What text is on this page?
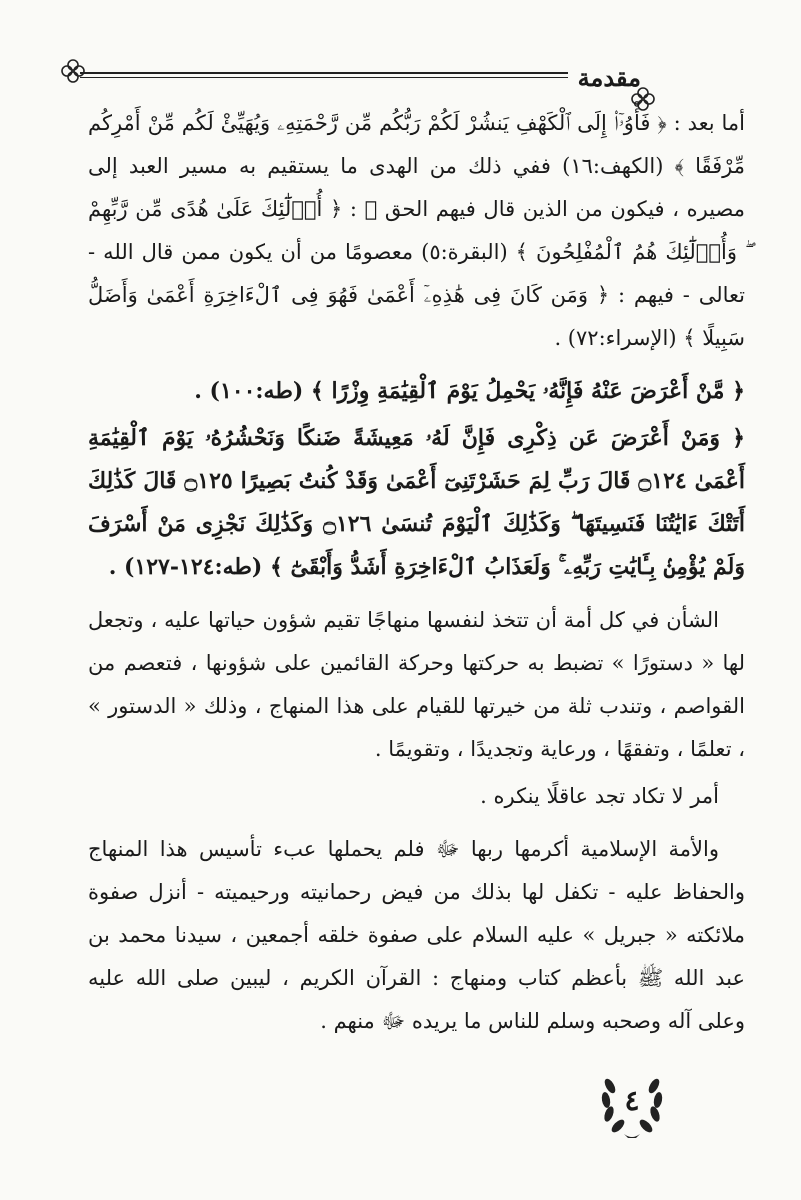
مقدمة

أما بعد : ﴿ فَأْوُۥٓا۟ إِلَى ٱلْكَهْفِ يَنشُرْ لَكُمْ رَبُّكُم مِّن رَّحْمَتِهِۦ وَيُهَيِّئْ لَكُم مِّنْ أَمْرِكُم مِّرْفَقًا ﴾ (الكهف:١٦) ففي ذلك من الهدى ما يستقيم به مسير العبد إلى مصيره ، فيكون من الذين قال فيهم الحق ﷻ : ﴿ أُو۟لَٰٓئِكَ عَلَىٰ هُدًى مِّن رَّبِّهِمْ ۖ وَأُو۟لَٰٓئِكَ هُمُ ٱلْمُفْلِحُونَ ﴾ (البقرة:٥) معصومًا من أن يكون ممن قال الله - تعالى - فيهم : ﴿ وَمَن كَانَ فِى هَٰذِهِۦٓ أَعْمَىٰ فَهُوَ فِى ٱلْءَاخِرَةِ أَعْمَىٰ وَأَضَلُّ سَبِيلًا ﴾ (الإسراء:٧٢) .

﴿ مَّنْ أَعْرَضَ عَنْهُ فَإِنَّهُۥ يَحْمِلُ يَوْمَ ٱلْقِيَٰمَةِ وِزْرًا ﴾ (طه:١٠٠) .

﴿ وَمَنْ أَعْرَضَ عَن ذِكْرِى فَإِنَّ لَهُۥ مَعِيشَةً ضَنكًا وَنَحْشُرُهُۥ يَوْمَ ٱلْقِيَٰمَةِ أَعْمَىٰ ۝١٢٤ قَالَ رَبِّ لِمَ حَشَرْتَنِىٓ أَعْمَىٰ وَقَدْ كُنتُ بَصِيرًا ۝١٢٥ قَالَ كَذَٰلِكَ أَتَتْكَ ءَايَٰتُنَا فَنَسِيتَهَا ۖ وَكَذَٰلِكَ ٱلْيَوْمَ تُنسَىٰ ۝١٢٦ وَكَذَٰلِكَ نَجْزِى مَنْ أَسْرَفَ وَلَمْ يُؤْمِنۢ بِـَٔايَٰتِ رَبِّهِۦ ۚ وَلَعَذَابُ ٱلْءَاخِرَةِ أَشَدُّ وَأَبْقَىٰٓ ﴾ (طه:١٢٤-١٢٧) .

الشأن في كل أمة أن تتخذ لنفسها منهاجًا تقيم شؤون حياتها عليه ، وتجعل لها « دستورًا » تضبط به حركتها وحركة القائمين على شؤونها ، فتعصم من القواصم ، وتندب ثلة من خيرتها للقيام على هذا المنهاج ، وذلك « الدستور » ، تعلمًا ، وتفقهًا ، ورعاية وتجديدًا ، وتقويمًا .

أمر لا تكاد تجد عاقلًا ينكره .

والأمة الإسلامية أكرمها ربها ﷻ فلم يحملها عبء تأسيس هذا المنهاج والحفاظ عليه - تكفل لها بذلك من فيض رحمانيته ورحيميته - أنزل صفوة ملائكته « جبريل » عليه السلام على صفوة خلقه أجمعين ، سيدنا محمد بن عبد الله ﷺ بأعظم كتاب ومنهاج : القرآن الكريم ، ليبين صلى الله عليه وعلى آله وصحبه وسلم للناس ما يريده ﷻ منهم .

٤
